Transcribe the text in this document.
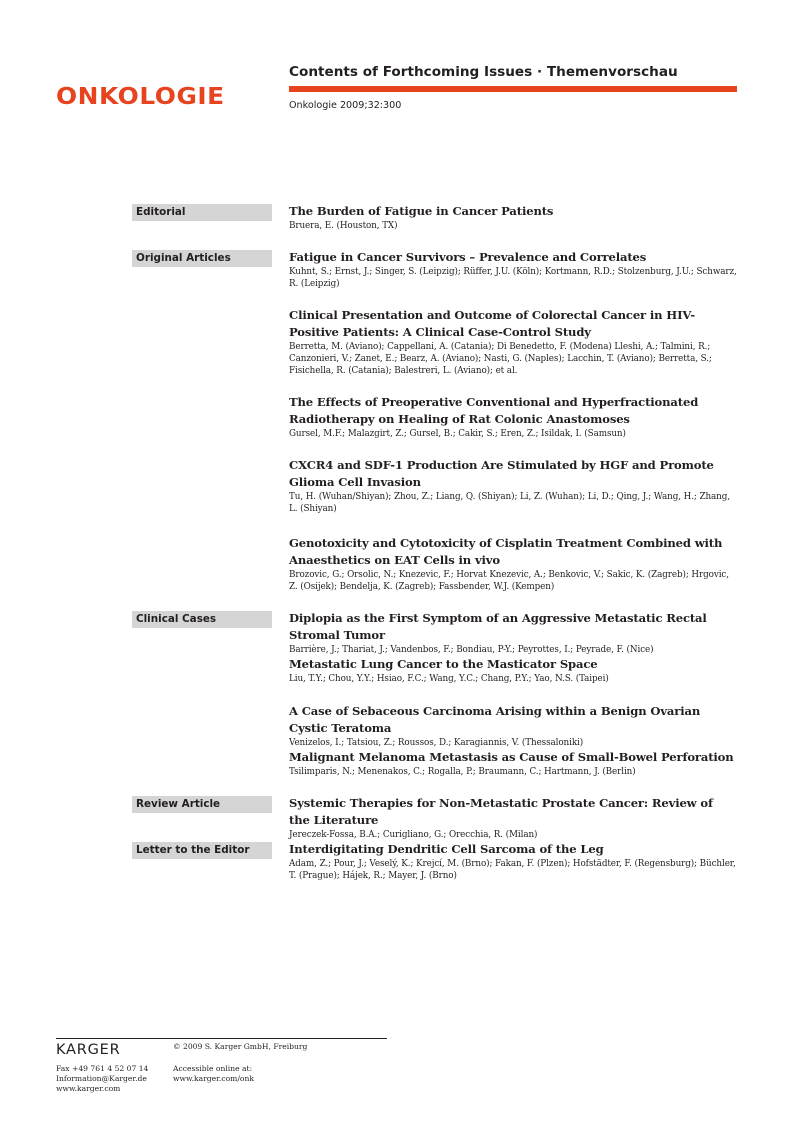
ONKOLOGIE
Contents of Forthcoming Issues · Themenvorschau
Onkologie 2009;32:300
Editorial
Original Articles
Clinical Cases
Review Article
Letter to the Editor
The Burden of Fatigue in Cancer Patients
Bruera, E. (Houston, TX)
Fatigue in Cancer Survivors – Prevalence and Correlates
Kuhnt, S.; Ernst, J.; Singer, S. (Leipzig); Rüffer, J.U. (Köln); Kortmann, R.D.; Stolzenburg, J.U.; Schwarz, R. (Leipzig)
Clinical Presentation and Outcome of Colorectal Cancer in HIV-Positive Patients: A Clinical Case-Control Study
Berretta, M. (Aviano); Cappellani, A. (Catania); Di Benedetto, F. (Modena) Lleshi, A.; Talmini, R.; Canzonieri, V.; Zanet, E.; Bearz, A. (Aviano); Nasti, G. (Naples); Lacchin, T. (Aviano); Berretta, S.; Fisichella, R. (Catania); Balestreri, L. (Aviano); et al.
The Effects of Preoperative Conventional and Hyperfractionated Radiotherapy on Healing of Rat Colonic Anastomoses
Gursel, M.F.; Malazgirt, Z.; Gursel, B.; Cakir, S.; Eren, Z.; Isildak, I. (Samsun)
CXCR4 and SDF-1 Production Are Stimulated by HGF and Promote Glioma Cell Invasion
Tu, H. (Wuhan/Shiyan); Zhou, Z.; Liang, Q. (Shiyan); Li, Z. (Wuhan); Li, D.; Qing, J.; Wang, H.; Zhang, L. (Shiyan)
Genotoxicity and Cytotoxicity of Cisplatin Treatment Combined with Anaesthetics on EAT Cells in vivo
Brozovic, G.; Orsolic, N.; Knezevic, F.; Horvat Knezevic, A.; Benkovic, V.; Sakic, K. (Zagreb); Hrgovic, Z. (Osijek); Bendelja, K. (Zagreb); Fassbender, W.J. (Kempen)
Diplopia as the First Symptom of an Aggressive Metastatic Rectal Stromal Tumor
Barrière, J.; Thariat, J.; Vandenbos, F.; Bondiau, P-Y.; Peyrottes, I.; Peyrade, F. (Nice)
Metastatic Lung Cancer to the Masticator Space
Liu, T.Y.; Chou, Y.Y.; Hsiao, F.C.; Wang, Y.C.; Chang, P.Y.; Yao, N.S. (Taipei)
A Case of Sebaceous Carcinoma Arising within a Benign Ovarian Cystic Teratoma
Venizelos, I.; Tatsiou, Z.; Roussos, D.; Karagiannis, V. (Thessaloniki)
Malignant Melanoma Metastasis as Cause of Small-Bowel Perforation
Tsilimparis, N.; Menenakos, C.; Rogalla, P.; Braumann, C.; Hartmann, J. (Berlin)
Systemic Therapies for Non-Metastatic Prostate Cancer: Review of the Literature
Jereczek-Fossa, B.A.; Curigliano, G.; Orecchia, R. (Milan)
Interdigitating Dendritic Cell Sarcoma of the Leg
Adam, Z.; Pour, J.; Veselý, K.; Krejcí, M. (Brno); Fakan, F. (Plzen); Hofstädter, F. (Regensburg); Büchler, T. (Prague); Hájek, R.; Mayer, J. (Brno)
KARGER	© 2009 S. Karger GmbH, Freiburg
Fax +49 761 4 52 07 14
Information@Karger.de
www.karger.com
Accessible online at:
www.karger.com/onk
